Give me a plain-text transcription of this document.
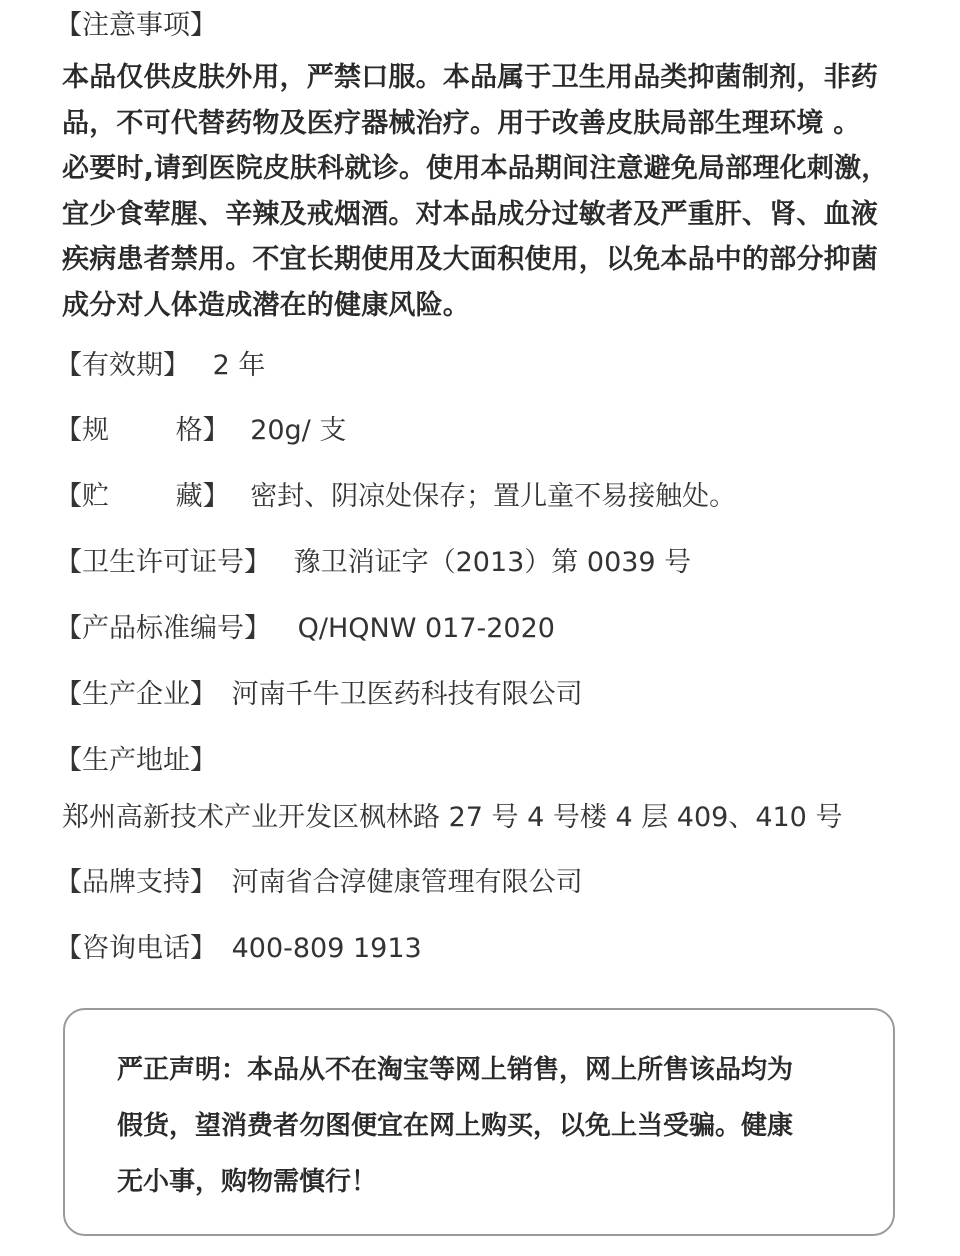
【注意事项】
本品仅供皮肤外用，严禁口服。本品属于卫生用品类抑菌制剂，非药
品，不可代替药物及医疗器械治疗。用于改善皮肤局部生理环境 。
必要时,请到医院皮肤科就诊。使用本品期间注意避免局部理化刺激，
宜少食荤腥、辛辣及戒烟酒。对本品成分过敏者及严重肝、肾、血液
疾病患者禁用。不宜长期使用及大面积使用，以免本品中的部分抑菌
成分对人体造成潜在的健康风险。
【有效期】 2 年
【规 格】 20g/ 支
【贮 藏】 密封、阴凉处保存；置儿童不易接触处。
【卫生许可证号】 豫卫消证字（2013）第 0039 号
【产品标准编号】 Q/HQNW 017-2020
【生产企业】 河南千牛卫医药科技有限公司
【生产地址】
郑州高新技术产业开发区枫林路 27 号 4 号楼 4 层 409、410 号
【品牌支持】 河南省合淳健康管理有限公司
【咨询电话】 400-809 1913
严正声明：本品从不在淘宝等网上销售，网上所售该品均为
假货，望消费者勿图便宜在网上购买，以免上当受骗。健康
无小事，购物需慎行！
